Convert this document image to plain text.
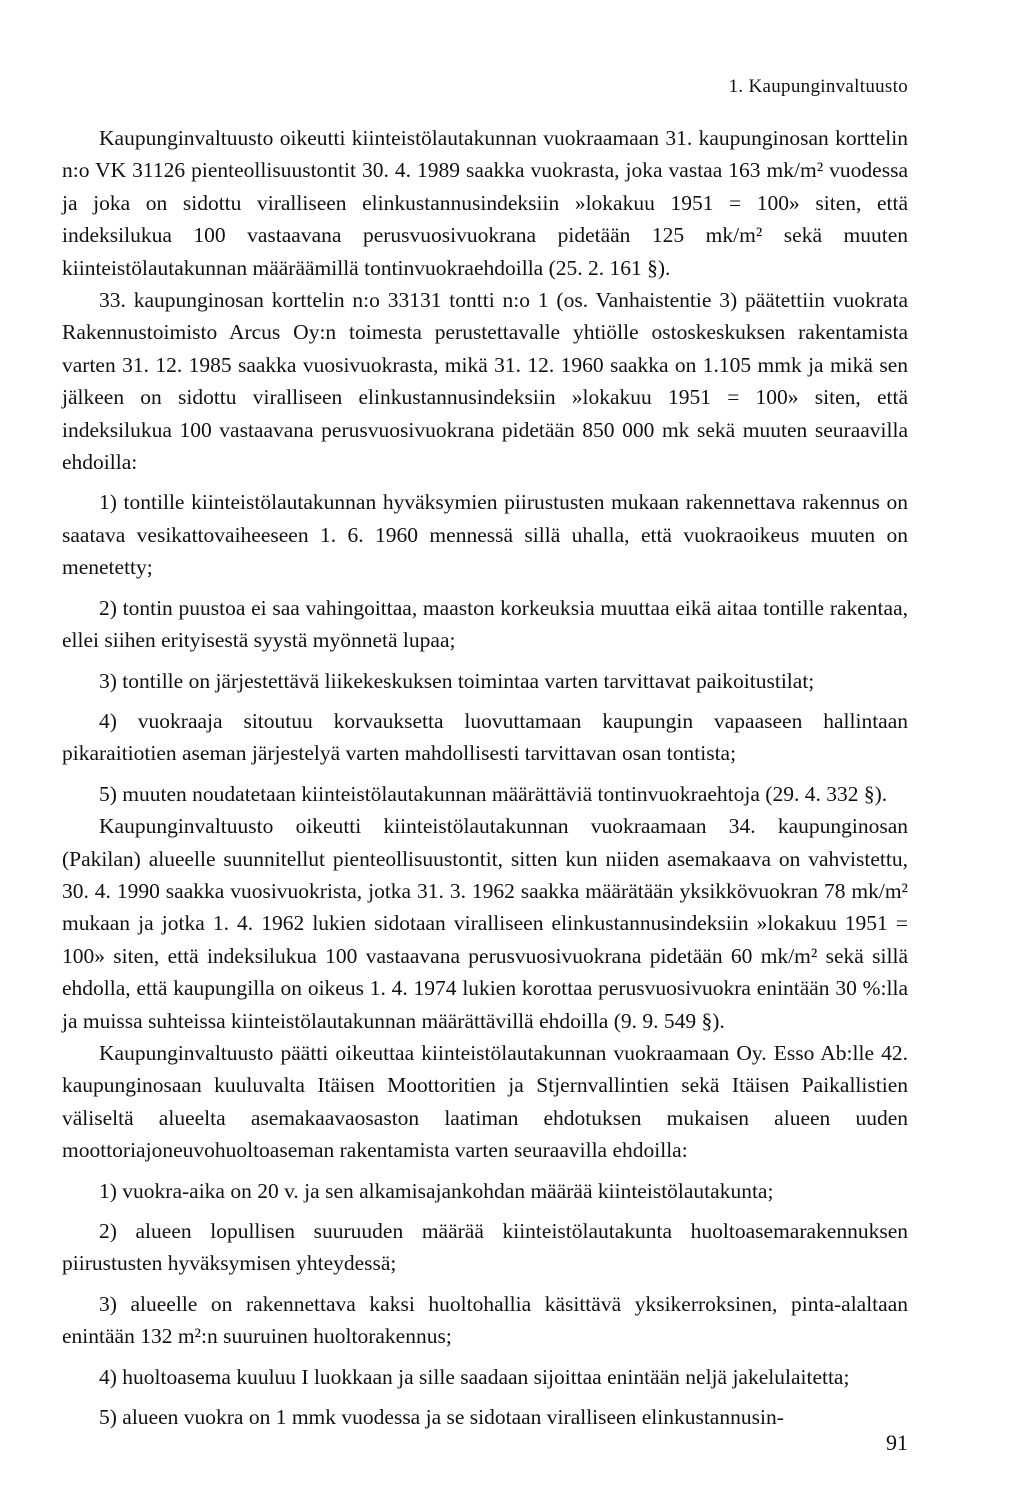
1. Kaupunginvaltuusto

Kaupunginvaltuusto oikeutti kiinteistölautakunnan vuokraamaan 31. kaupunginosan korttelin n:o VK 31126 pienteollisuustontit 30. 4. 1989 saakka vuokrasta, joka vastaa 163 mk/m² vuodessa ja joka on sidottu viralliseen elinkustannusindeksiin »lokakuu 1951 = 100» siten, että indeksilukua 100 vastaavana perusvuosivuokrana pidetään 125 mk/m² sekä muuten kiinteistölautakunnan määräämillä tontinvuokraehdoilla (25. 2. 161 §).

33. kaupunginosan korttelin n:o 33131 tontti n:o 1 (os. Vanhaistentie 3) päätettiin vuokrata Rakennustoimisto Arcus Oy:n toimesta perustettavalle yhtiölle ostoskeskuksen rakentamista varten 31. 12. 1985 saakka vuosivuokrasta, mikä 31. 12. 1960 saakka on 1.105 mmk ja mikä sen jälkeen on sidottu viralliseen elinkustannusindeksiin »lokakuu 1951 = 100» siten, että indeksilukua 100 vastaavana perusvuosivuokrana pidetään 850 000 mk sekä muuten seuraavilla ehdoilla:

1) tontille kiinteistölautakunnan hyväksymien piirustusten mukaan rakennettava rakennus on saatava vesikattovaiheeseen 1. 6. 1960 mennessä sillä uhalla, että vuokraoikeus muuten on menetetty;

2) tontin puustoa ei saa vahingoittaa, maaston korkeuksia muuttaa eikä aitaa tontille rakentaa, ellei siihen erityisestä syystä myönnetä lupaa;

3) tontille on järjestettävä liikekeskuksen toimintaa varten tarvittavat paikoitustilat;

4) vuokraaja sitoutuu korvauksetta luovuttamaan kaupungin vapaaseen hallintaan pikaraitiotien aseman järjestelyä varten mahdollisesti tarvittavan osan tontista;

5) muuten noudatetaan kiinteistölautakunnan määrättäviä tontinvuokraehtoja (29. 4. 332 §).

Kaupunginvaltuusto oikeutti kiinteistölautakunnan vuokraamaan 34. kaupunginosan (Pakilan) alueelle suunnitellut pienteollisuustontit, sitten kun niiden asemakaava on vahvistettu, 30. 4. 1990 saakka vuosivuokrista, jotka 31. 3. 1962 saakka määrätään yksikkövuokran 78 mk/m² mukaan ja jotka 1. 4. 1962 lukien sidotaan viralliseen elinkustannusindeksiin »lokakuu 1951 = 100» siten, että indeksilukua 100 vastaavana perusvuosivuokrana pidetään 60 mk/m² sekä sillä ehdolla, että kaupungilla on oikeus 1. 4. 1974 lukien korottaa perusvuosivuokra enintään 30 %:lla ja muissa suhteissa kiinteistölautakunnan määrättävillä ehdoilla (9. 9. 549 §).

Kaupunginvaltuusto päätti oikeuttaa kiinteistölautakunnan vuokraamaan Oy. Esso Ab:lle 42. kaupunginosaan kuuluvalta Itäisen Moottoritien ja Stjernvallintien sekä Itäisen Paikallistien väliseltä alueelta asemakaavaosaston laatiman ehdotuksen mukaisen alueen uuden moottoriajoneuvohuoltoaseman rakentamista varten seuraavilla ehdoilla:

1) vuokra-aika on 20 v. ja sen alkamisajankohdan määrää kiinteistölautakunta;

2) alueen lopullisen suuruuden määrää kiinteistölautakunta huoltoasemarakennuksen piirustusten hyväksymisen yhteydessä;

3) alueelle on rakennettava kaksi huoltohallia käsittävä yksikerroksinen, pinta-alaltaan enintään 132 m²:n suuruinen huoltorakennus;

4) huoltoasema kuuluu I luokkaan ja sille saadaan sijoittaa enintään neljä jakelulaitetta;

5) alueen vuokra on 1 mmk vuodessa ja se sidotaan viralliseen elinkustannusin-

91
